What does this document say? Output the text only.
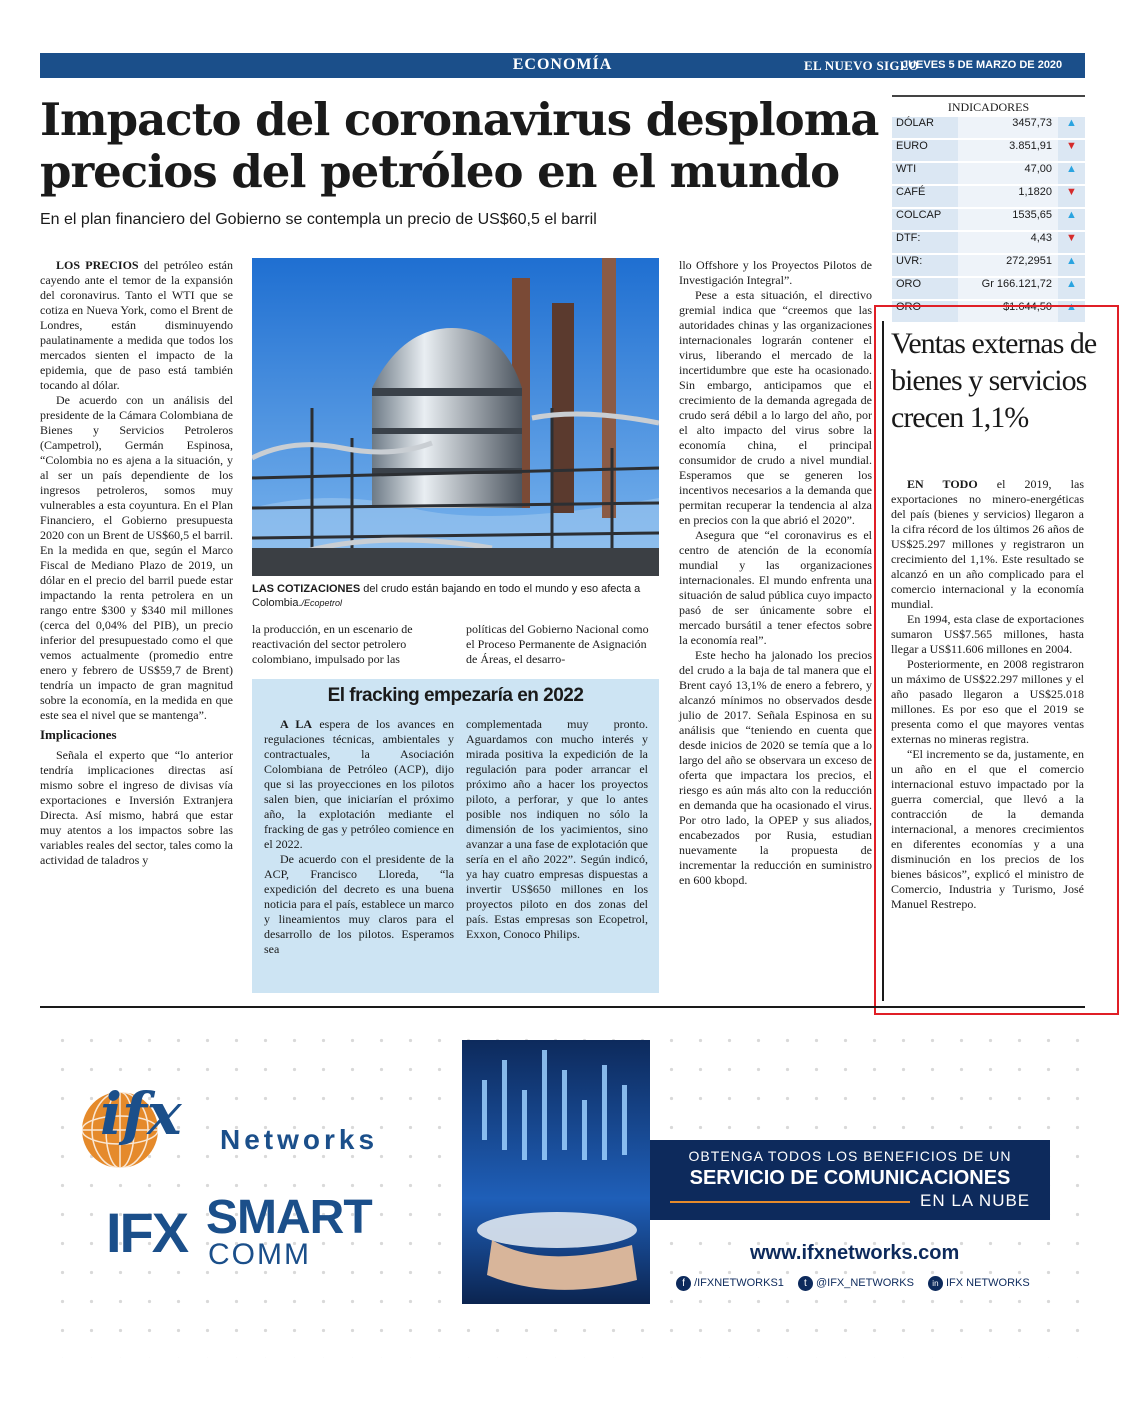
ECONOMÍA	EL NUEVO SIGLO
JUEVES 5 DE MARZO DE 2020 3B
Impacto del coronavirus desploma precios del petróleo en el mundo
En el plan financiero del Gobierno se contempla un precio de US$60,5 el barril
INDICADORES
DÓLAR	3457,73	▲
EURO	3.851,91	▼
WTI	47,00	▲
CAFÉ	1,1820	▼
COLCAP	1535,65	▲
DTF:	4,43	▼
UVR:	272,2951	▲
ORO	Gr 166.121,72	▲
ORO	$1.644,50	▲

LOS PRECIOS del petróleo están cayendo ante el temor de la expansión del coronavirus. Tanto el WTI que se cotiza en Nueva York, como el Brent de Londres, están disminuyendo paulatinamente a medida que todos los mercados sienten el impacto de la epidemia, que de paso está también tocando al dólar.

De acuerdo con un análisis del presidente de la Cámara Colombiana de Bienes y Servicios Petroleros (Campetrol), Germán Espinosa, “Colombia no es ajena a la situación, y al ser un país dependiente de los ingresos petroleros, somos muy vulnerables a esta coyuntura. En el Plan Financiero, el Gobierno presupuesta 2020 con un Brent de US$60,5 el barril. En la medida en que, según el Marco Fiscal de Mediano Plazo de 2019, un dólar en el precio del barril puede estar impactando la renta petrolera en un rango entre $300 y $340 mil millones (cerca del 0,04% del PIB), un precio inferior del presupuestado como el que vemos actualmente (promedio entre enero y febrero de US$59,7 de Brent) tendría un impacto de gran magnitud sobre la economía, en la medida en que este sea el nivel que se mantenga”.

Implicaciones

Señala el experto que “lo anterior tendría implicaciones directas así mismo sobre el ingreso de divisas vía exportaciones e Inversión Extranjera Directa. Así mismo, habrá que estar muy atentos a los impactos sobre las variables reales del sector, tales como la actividad de taladros y

LAS COTIZACIONES del crudo están bajando en todo el mundo y eso afecta a Colombia./Ecopetrol
la producción, en un escenario de reactivación del sector petrolero colombiano, impulsado por las
políticas del Gobierno Nacional como el Proceso Permanente de Asignación de Áreas, el desarro-
El fracking empezaría en 2022

A LA espera de los avances en regulaciones técnicas, ambientales y contractuales, la Asociación Colombiana de Petróleo (ACP), dijo que si las proyecciones en los pilotos salen bien, que iniciarían el próximo año, la explotación mediante el fracking de gas y petróleo comience en el 2022.

De acuerdo con el presidente de la ACP, Francisco Lloreda, “la expedición del decreto es una buena noticia para el país, establece un marco y lineamientos muy claros para el desarrollo de los pilotos. Esperamos sea

complementada muy pronto. Aguardamos con mucho interés y mirada positiva la expedición de la regulación para poder arrancar el próximo año a hacer los proyectos piloto, a perforar, y que lo antes posible nos indiquen no sólo la dimensión de los yacimientos, sino avanzar a una fase de explotación que sería en el año 2022”. Según indicó, ya hay cuatro empresas dispuestas a invertir US$650 millones en los proyectos piloto en dos zonas del país. Estas empresas son Ecopetrol, Exxon, Conoco Philips.

llo Offshore y los Proyectos Pilotos de Investigación Integral”.

Pese a esta situación, el directivo gremial indica que “creemos que las autoridades chinas y las organizaciones internacionales lograrán contener el virus, liberando el mercado de la incertidumbre que este ha ocasionado. Sin embargo, anticipamos que el crecimiento de la demanda agregada de crudo será débil a lo largo del año, por el alto impacto del virus sobre la economía china, el principal consumidor de crudo a nivel mundial. Esperamos que se generen los incentivos necesarios a la demanda que permitan recuperar la tendencia al alza en precios con la que abrió el 2020”.

Asegura que “el coronavirus es el centro de atención de la economía mundial y las organizaciones internacionales. El mundo enfrenta una situación de salud pública cuyo impacto pasó de ser únicamente sobre el mercado bursátil a tener efectos sobre la economía real”.

Este hecho ha jalonado los precios del crudo a la baja de tal manera que el Brent cayó 13,1% de enero a febrero, y alcanzó mínimos no observados desde julio de 2017. Señala Espinosa en su análisis que “teniendo en cuenta que desde inicios de 2020 se temía que a lo largo del año se observara un exceso de oferta que impactara los precios, el riesgo es aún más alto con la reducción en demanda que ha ocasionado el virus. Por otro lado, la OPEP y sus aliados, encabezados por Rusia, estudian nuevamente la propuesta de incrementar la reducción en suministro en 600 kbopd.

Ventas externas de bienes y servicios crecen 1,1%

EN TODO el 2019, las exportaciones no minero-energéticas del país (bienes y servicios) llegaron a la cifra récord de los últimos 26 años de US$25.297 millones y registraron un crecimiento del 1,1%. Este resultado se alcanzó en un año complicado para el comercio internacional y la economía mundial.

En 1994, esta clase de exportaciones sumaron US$7.565 millones, hasta llegar a US$11.606 millones en 2004.

Posteriormente, en 2008 registraron un máximo de US$22.297 millones y el año pasado llegaron a US$25.018 millones. Es por eso que el 2019 se presenta como el que mayores ventas externas no mineras registra.

“El incremento se da, justamente, en un año en el que el comercio internacional estuvo impactado por la guerra comercial, que llevó a la contracción de la demanda internacional, a menores crecimientos en diferentes economías y a una disminución en los precios de los bienes básicos”, explicó el ministro de Comercio, Industria y Turismo, José Manuel Restrepo.

ifx Networks
IFX SMART
COMM
OBTENGA TODOS LOS BENEFICIOS DE UN
SERVICIO DE COMUNICACIONES
EN LA NUBE
www.ifxnetworks.com
f /IFXNETWORKS1	t @IFX_NETWORKS	in IFX NETWORKS
